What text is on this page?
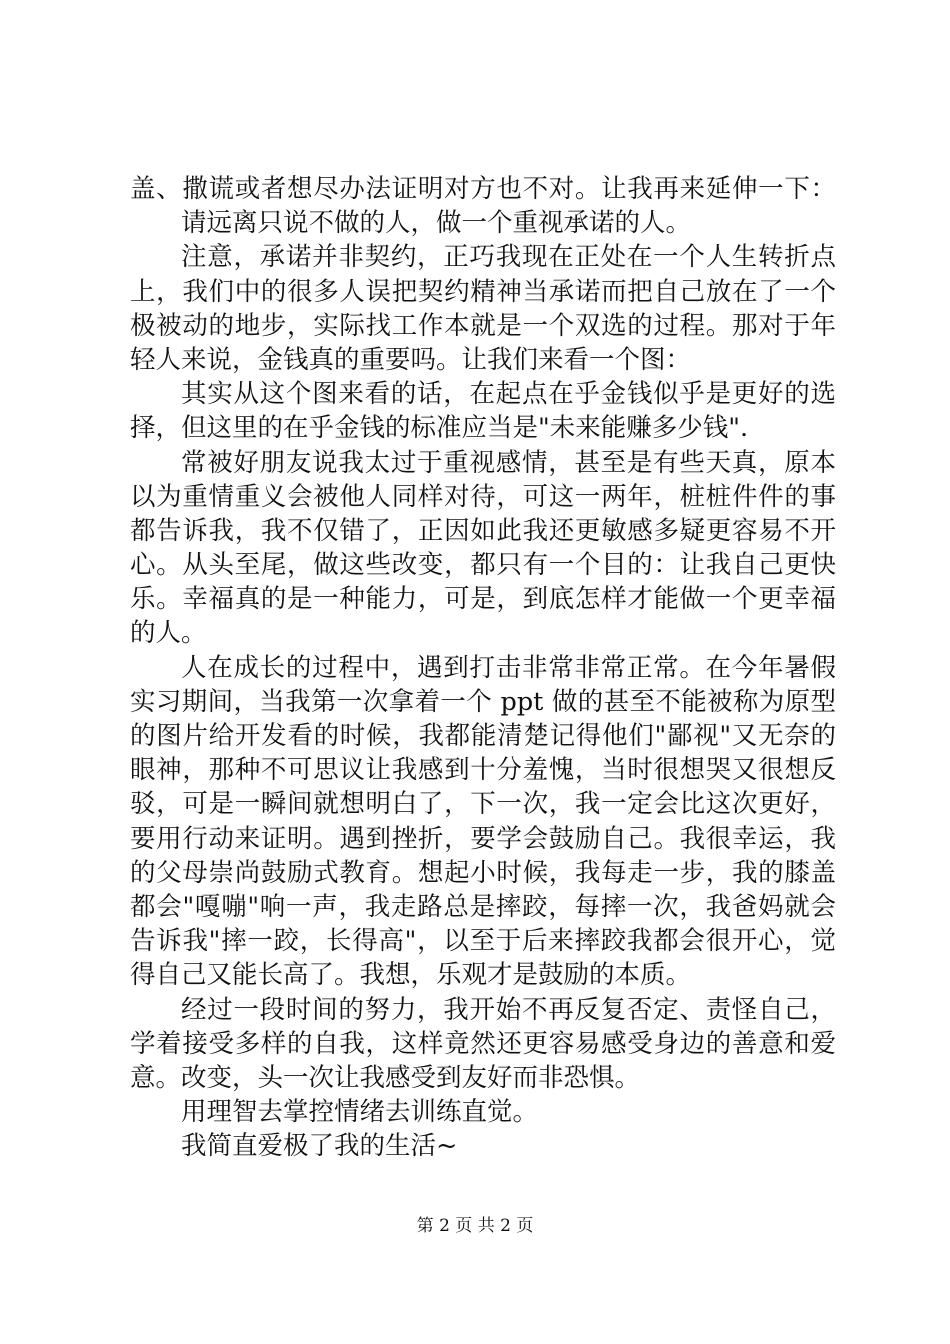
盖、撒谎或者想尽办法证明对方也不对。让我再来延伸一下：
请远离只说不做的人，做一个重视承诺的人。
注意，承诺并非契约，正巧我现在正处在一个人生转折点
上，我们中的很多人误把契约精神当承诺而把自己放在了一个
极被动的地步，实际找工作本就是一个双选的过程。那对于年
轻人来说，金钱真的重要吗。让我们来看一个图：
其实从这个图来看的话，在起点在乎金钱似乎是更好的选
择，但这里的在乎金钱的标准应当是"未来能赚多少钱".
常被好朋友说我太过于重视感情，甚至是有些天真，原本
以为重情重义会被他人同样对待，可这一两年，桩桩件件的事
都告诉我，我不仅错了，正因如此我还更敏感多疑更容易不开
心。从头至尾，做这些改变，都只有一个目的：让我自己更快
乐。幸福真的是一种能力，可是，到底怎样才能做一个更幸福
的人。
人在成长的过程中，遇到打击非常非常正常。在今年暑假
实习期间，当我第一次拿着一个 ppt 做的甚至不能被称为原型
的图片给开发看的时候，我都能清楚记得他们"鄙视"又无奈的
眼神，那种不可思议让我感到十分羞愧，当时很想哭又很想反
驳，可是一瞬间就想明白了，下一次，我一定会比这次更好，
要用行动来证明。遇到挫折，要学会鼓励自己。我很幸运，我
的父母崇尚鼓励式教育。想起小时候，我每走一步，我的膝盖
都会"嘎嘣"响一声，我走路总是摔跤，每摔一次，我爸妈就会
告诉我"摔一跤，长得高"，以至于后来摔跤我都会很开心，觉
得自己又能长高了。我想，乐观才是鼓励的本质。
经过一段时间的努力，我开始不再反复否定、责怪自己，
学着接受多样的自我，这样竟然还更容易感受身边的善意和爱
意。改变，头一次让我感受到友好而非恐惧。
用理智去掌控情绪去训练直觉。
我简直爱极了我的生活~
第 2 页 共 2 页
